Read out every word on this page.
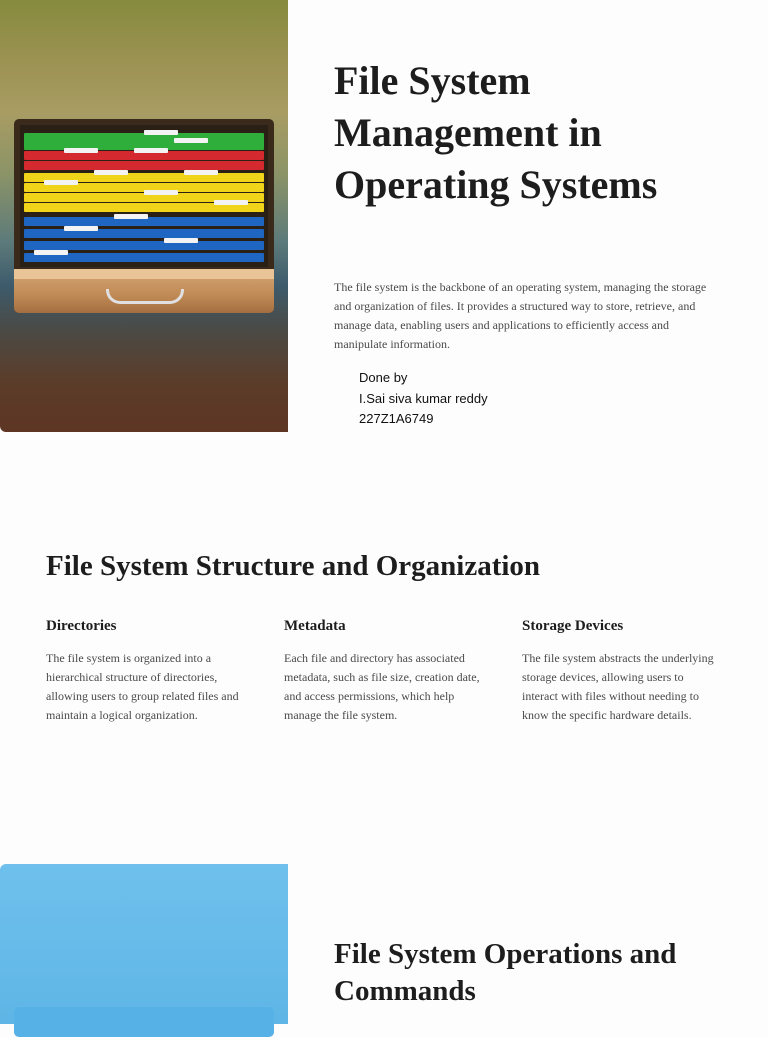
File System Management in Operating Systems

The file system is the backbone of an operating system, managing the storage and organization of files. It provides a structured way to store, retrieve, and manage data, enabling users and applications to efficiently access and manipulate information.

Done by
I.Sai siva kumar reddy
227Z1A6749
File System Structure and Organization
Directories

The file system is organized into a hierarchical structure of directories, allowing users to group related files and maintain a logical organization.

Metadata

Each file and directory has associated metadata, such as file size, creation date, and access permissions, which help manage the file system.

Storage Devices

The file system abstracts the underlying storage devices, allowing users to interact with files without needing to know the specific hardware details.

File System Operations and Commands
